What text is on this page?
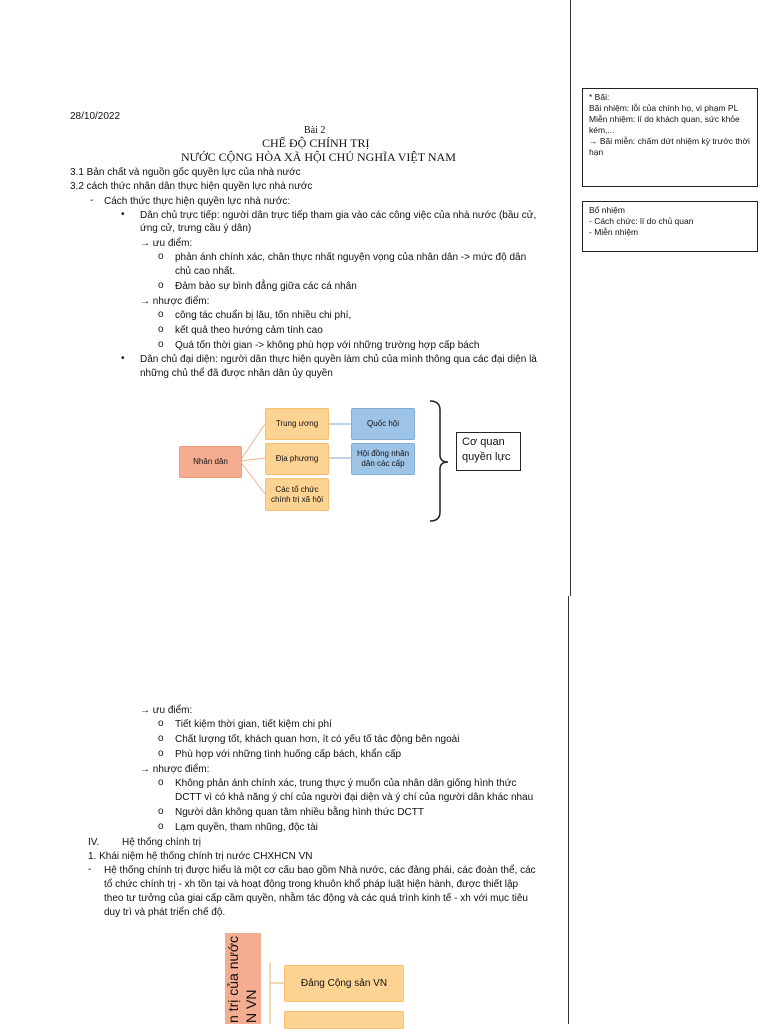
28/10/2022
Bài 2
CHẾ ĐỘ CHÍNH TRỊ
NƯỚC CỘNG HÒA XÃ HỘI CHỦ NGHĨA VIỆT NAM
3.1 Bản chất và nguồn gốc quyền lực của nhà nước
3.2 cách thức nhân dân thực hiện quyền lực nhà nước
- Cách thức thực hiện quyền lực nhà nước:
• Dân chủ trực tiếp: người dân trực tiếp tham gia vào các công việc của nhà nước (bầu cử,
ứng cử, trưng cầu ý dân)
→ ưu điểm:
o phản ánh chính xác, chân thực nhất nguyện vọng của nhân dân -> mức độ dân
chủ cao nhất.
o Đảm bảo sự bình đẳng giữa các cá nhân
→ nhược điểm:
o công tác chuẩn bị lâu, tốn nhiều chi phí,
o kết quả theo hướng cảm tính cao
o Quá tốn thời gian -> không phù hợp với những trường hợp cấp bách
• Dân chủ đại diện: người dân thực hiện quyền làm chủ của mình thông qua các đại diện là
những chủ thể đã được nhân dân ủy quyền
Nhân dân
Trung ương
Địa phương
Các tổ chức chính trị xã hội
Quốc hội
Hội đồng nhân dân các cấp
Cơ quan quyền lực
→ ưu điểm:
o Tiết kiệm thời gian, tiết kiệm chi phí
o Chất lượng tốt, khách quan hơn, ít có yếu tố tác động bên ngoài
o Phù hợp với những tình huống cấp bách, khẩn cấp
→ nhược điểm:
o Không phản ánh chính xác, trung thực ý muốn của nhân dân giống hình thức
DCTT vì có khả năng ý chí của người đại diện và ý chí của người dân khác nhau
o Người dân không quan tâm nhiều bằng hình thức DCTT
o Lạm quyền, tham nhũng, độc tài
IV. Hệ thống chính trị
1. Khái niệm hệ thống chính trị nước CHXHCN VN
- Hệ thống chính trị được hiểu là một cơ cấu bao gồm Nhà nước, các đảng phái, các đoàn thể, các
tổ chức chính trị - xh tồn tại và hoạt động trong khuôn khổ pháp luật hiện hành, được thiết lập
theo tư tưởng của giai cấp cầm quyền, nhằm tác động và các quá trình kinh tế - xh với mục tiêu
duy trì và phát triển chế độ.
n trị của nước N VN
Đảng Cộng sản VN
* Bãi:
Bãi nhiệm: lỗi của chính họ, vi phạm PL
Miễn nhiệm: lí do khách quan, sức khỏe kém,...
→ Bãi miễn: chấm dứt nhiệm kỳ trước thời hạn
Bổ nhiệm
- Cách chức: lí do chủ quan
- Miễn nhiệm
